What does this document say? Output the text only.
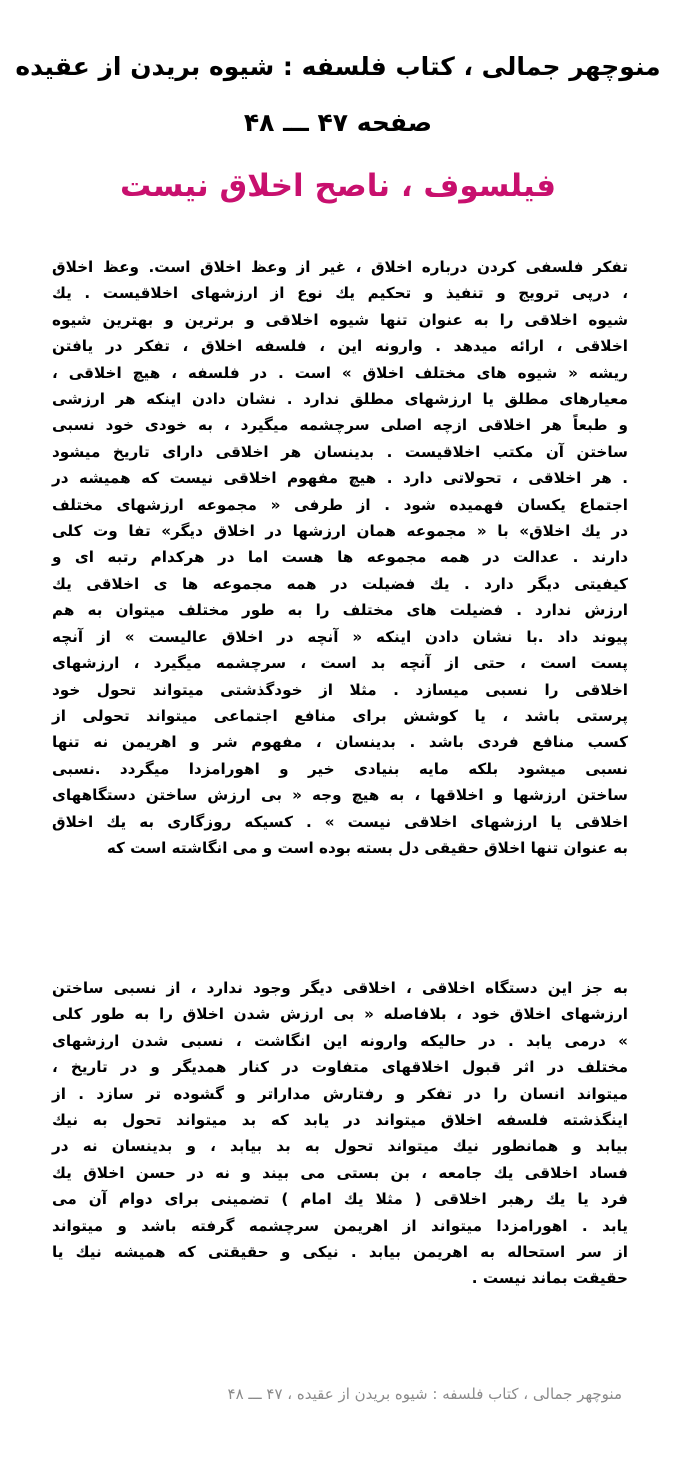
منوچهر جمالی ، کتاب فلسفه : شیوه بریدن از عقیده
صفحه ۴۷ ـــ ۴۸
فیلسوف ، ناصح اخلاق نیست
تفکر فلسفی کردن درباره اخلاق ، غیر از وعظ اخلاق است. وعظ اخلاق
، درپی ترویج و تنفیذ و تحکیم یك نوع از ارزشهای اخلاقیست . یك
شیوه اخلاقی را به عنوان تنها شیوه اخلاقی و برترین و بهترین شیوه
اخلاقی ، ارائه میدهد . وارونه این ، فلسفه اخلاق ، تفکر در یافتن
ریشه « شیوه های مختلف اخلاق » است . در فلسفه ، هیچ اخلاقی ،
معیارهای مطلق یا ارزشهای مطلق ندارد . نشان دادن اینکه هر ارزشی
و طبعاً هر اخلاقی ازچه اصلی سرچشمه میگیرد ، به خودی خود نسبی
ساختن آن مکتب اخلاقیست . بدینسان هر اخلاقی دارای تاریخ میشود
. هر اخلاقی ، تحولاتی دارد . هیچ مفهوم اخلاقی نیست که همیشه در
اجتماع یکسان فهمیده شود . از طرفی « مجموعه ارزشهای مختلف
در یك اخلاق» با « مجموعه همان ارزشها در اخلاق دیگر» تفا وت کلی
دارند . عدالت در همه مجموعه ها هست اما در هرکدام رتبه ای و
کیفیتی دیگر دارد . یك فضیلت در همه مجموعه ها ی اخلاقی یك
ارزش ندارد . فضیلت های مختلف را به طور مختلف میتوان به هم
پیوند داد .با نشان دادن اینکه « آنچه در اخلاق عالیست » از آنچه
پست است ، حتی از آنچه بد است ، سرچشمه میگیرد ، ارزشهای
اخلاقی را نسبی میسازد . مثلا از خودگذشتی میتواند تحول خود
پرستی باشد ، یا کوشش برای منافع اجتماعی میتواند تحولی از
کسب منافع فردی باشد . بدینسان ، مفهوم شر و اهریمن نه تنها
نسبی میشود بلکه مایه بنیادی خیر و اهورامزدا میگردد .نسبی
ساختن ارزشها و اخلاقها ، به هیچ وجه « بی ارزش ساختن دستگاههای
اخلاقی یا ارزشهای اخلاقی نیست » . کسیکه روزگاری به یك اخلاق
به عنوان تنها اخلاق حقیقی دل بسته بوده است و می انگاشته است که
به جز این دستگاه اخلاقی ، اخلاقی دیگر وجود ندارد ، از نسبی ساختن
ارزشهای اخلاق خود ، بلافاصله « بی ارزش شدن اخلاق را به طور کلی
» درمی یابد . در حالیکه وارونه این انگاشت ، نسبی شدن ارزشهای
مختلف در اثر قبول اخلاقهای متفاوت در کنار همدیگر و در تاریخ ،
میتواند انسان را در تفکر و رفتارش مداراتر و گشوده تر سازد . از
اینگذشته فلسفه اخلاق میتواند در یابد که بد میتواند تحول به نیك
بیابد و همانطور نیك میتواند تحول به بد بیابد ، و بدینسان نه در
فساد اخلاقی یك جامعه ، بن بستی می بیند و نه در حسن اخلاق یك
فرد یا یك رهبر اخلاقی ( مثلا یك امام ) تضمینی برای دوام آن می
یابد . اهورامزدا میتواند از اهریمن سرچشمه گرفته باشد و میتواند
از سر استحاله به اهریمن بیابد . نیکی و حقیقتی که همیشه نیك یا
حقیقت بماند نیست .
منوچهر جمالی ، کتاب فلسفه : شیوه بریدن از عقیده ، ۴۷ ـــ ۴۸
